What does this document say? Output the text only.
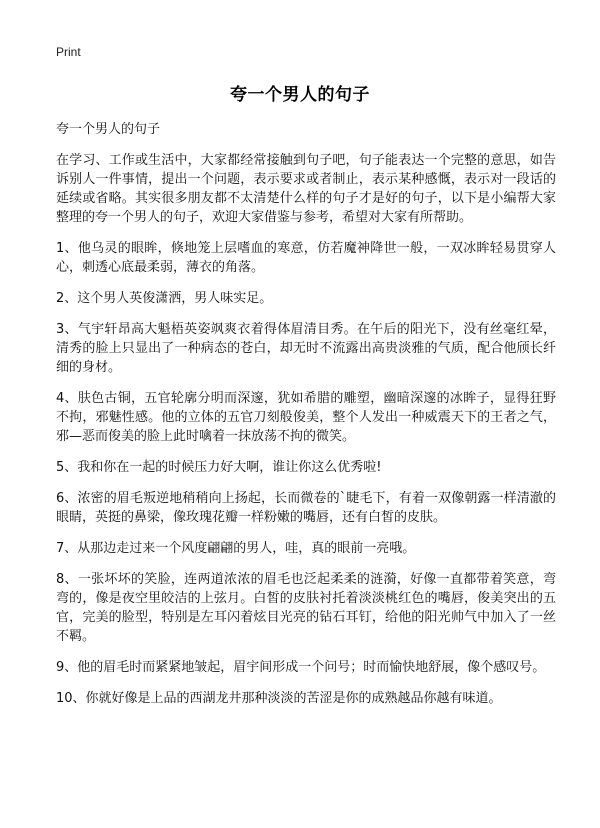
Print
夸一个男人的句子

夸一个男人的句子

在学习、工作或生活中，大家都经常接触到句子吧，句子能表达一个完整的意思，如告诉别人一件事情，提出一个问题，表示要求或者制止，表示某种感慨，表示对一段话的延续或省略。其实很多朋友都不太清楚什么样的句子才是好的句子，以下是小编帮大家整理的夸一个男人的句子，欢迎大家借鉴与参考，希望对大家有所帮助。

1、他乌灵的眼眸，倏地笼上层嗜血的寒意，仿若魔神降世一般，一双冰眸轻易贯穿人心，刺透心底最柔弱，薄衣的角落。

2、这个男人英俊潇洒，男人味实足。

3、气宇轩昂高大魁梧英姿飒爽衣着得体眉清目秀。在午后的阳光下，没有丝毫红晕，清秀的脸上只显出了一种病态的苍白，却无时不流露出高贵淡雅的气质，配合他颀长纤细的身材。

4、肤色古铜，五官轮廓分明而深邃，犹如希腊的雕塑，幽暗深邃的冰眸子，显得狂野不拘，邪魅性感。他的立体的五官刀刻般俊美，整个人发出一种威震天下的王者之气，邪—恶而俊美的脸上此时噙着一抹放荡不拘的微笑。

5、我和你在一起的时候压力好大啊，谁让你这么优秀啦!

6、浓密的眉毛叛逆地稍稍向上扬起，长而微卷的`睫毛下，有着一双像朝露一样清澈的眼睛，英挺的鼻梁，像玫瑰花瓣一样粉嫩的嘴唇，还有白皙的皮肤。

7、从那边走过来一个风度翩翩的男人，哇，真的眼前一亮哦。

8、一张坏坏的笑脸，连两道浓浓的眉毛也泛起柔柔的涟漪，好像一直都带着笑意，弯弯的，像是夜空里皎洁的上弦月。白皙的皮肤衬托着淡淡桃红色的嘴唇，俊美突出的五官，完美的脸型，特别是左耳闪着炫目光亮的钻石耳钉，给他的阳光帅气中加入了一丝不羁。

9、他的眉毛时而紧紧地皱起，眉宇间形成一个问号；时而愉快地舒展，像个感叹号。

10、你就好像是上品的西湖龙井那种淡淡的苦涩是你的成熟越品你越有味道。
